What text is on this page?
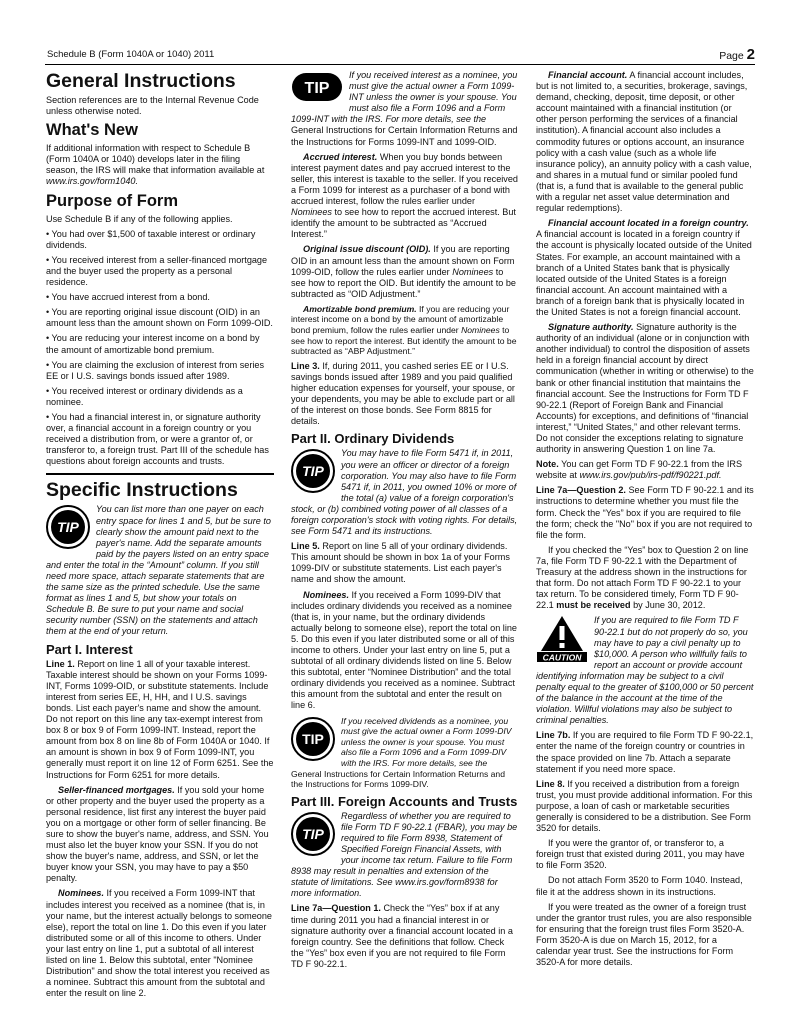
Schedule B (Form 1040A or 1040) 2011	Page 2
General Instructions

Section references are to the Internal Revenue Code unless otherwise noted.

What's New

If additional information with respect to Schedule B (Form 1040A or 1040) develops later in the filing season, the IRS will make that information available at www.irs.gov/form1040.

Purpose of Form

Use Schedule B if any of the following applies.

• You had over $1,500 of taxable interest or ordinary dividends.

• You received interest from a seller-financed mortgage and the buyer used the property as a personal residence.

• You have accrued interest from a bond.

• You are reporting original issue discount (OID) in an amount less than the amount shown on Form 1099-OID.

• You are reducing your interest income on a bond by the amount of amortizable bond premium.

• You are claiming the exclusion of interest from series EE or I U.S. savings bonds issued after 1989.

• You received interest or ordinary dividends as a nominee.

• You had a financial interest in, or signature authority over, a financial account in a foreign country or you received a distribution from, or were a grantor of, or transferor to, a foreign trust. Part III of the schedule has questions about foreign accounts and trusts.

Specific Instructions

TIP
You can list more than one payer on each entry space for lines 1 and 5, but be sure to clearly show the amount paid next to the payer's name. Add the separate amounts paid by the payers listed on an entry space and enter the total in the “Amount” column. If you still need more space, attach separate statements that are the same size as the printed schedule. Use the same format as lines 1 and 5, but show your totals on Schedule B. Be sure to put your name and social security number (SSN) on the statements and attach them at the end of your return.

Part I. Interest

Line 1. Report on line 1 all of your taxable interest. Taxable interest should be shown on your Forms 1099-INT, Forms 1099-OID, or substitute statements. Include interest from series EE, H, HH, and I U.S. savings bonds. List each payer's name and show the amount. Do not report on this line any tax-exempt interest from box 8 or box 9 of Form 1099-INT. Instead, report the amount from box 8 on line 8b of Form 1040A or 1040. If an amount is shown in box 9 of Form 1099-INT, you generally must report it on line 12 of Form 6251. See the Instructions for Form 6251 for more details.

Seller-financed mortgages. If you sold your home or other property and the buyer used the property as a personal residence, list first any interest the buyer paid you on a mortgage or other form of seller financing. Be sure to show the buyer's name, address, and SSN. You must also let the buyer know your SSN. If you do not show the buyer's name, address, and SSN, or let the buyer know your SSN, you may have to pay a $50 penalty.

Nominees. If you received a Form 1099-INT that includes interest you received as a nominee (that is, in your name, but the interest actually belongs to someone else), report the total on line 1. Do this even if you later distributed some or all of this income to others. Under your last entry on line 1, put a subtotal of all interest listed on line 1. Below this subtotal, enter "Nominee Distribution" and show the total interest you received as a nominee. Subtract this amount from the subtotal and enter the result on line 2.

TIP
If you received interest as a nominee, you must give the actual owner a Form 1099-INT unless the owner is your spouse. You must also file a Form 1096 and a Form 1099-INT with the IRS. For more details, see the General Instructions for Certain Information Returns and the Instructions for Forms 1099-INT and 1099-OID.

Accrued interest. When you buy bonds between interest payment dates and pay accrued interest to the seller, this interest is taxable to the seller. If you received a Form 1099 for interest as a purchaser of a bond with accrued interest, follow the rules earlier under Nominees to see how to report the accrued interest. But identify the amount to be subtracted as “Accrued Interest.”

Original issue discount (OID). If you are reporting OID in an amount less than the amount shown on Form 1099-OID, follow the rules earlier under Nominees to see how to report the OID. But identify the amount to be subtracted as “OID Adjustment.”

Amortizable bond premium. If you are reducing your interest income on a bond by the amount of amortizable bond premium, follow the rules earlier under Nominees to see how to report the interest. But identify the amount to be subtracted as “ABP Adjustment.”

Line 3. If, during 2011, you cashed series EE or I U.S. savings bonds issued after 1989 and you paid qualified higher education expenses for yourself, your spouse, or your dependents, you may be able to exclude part or all of the interest on those bonds. See Form 8815 for details.

Part II. Ordinary Dividends

TIP
You may have to file Form 5471 if, in 2011, you were an officer or director of a foreign corporation. You may also have to file Form 5471 if, in 2011, you owned 10% or more of the total (a) value of a foreign corporation's stock, or (b) combined voting power of all classes of a foreign corporation's stock with voting rights. For details, see Form 5471 and its instructions.

Line 5. Report on line 5 all of your ordinary dividends. This amount should be shown in box 1a of your Forms 1099-DIV or substitute statements. List each payer's name and show the amount.

Nominees. If you received a Form 1099-DIV that includes ordinary dividends you received as a nominee (that is, in your name, but the ordinary dividends actually belong to someone else), report the total on line 5. Do this even if you later distributed some or all of this income to others. Under your last entry on line 5, put a subtotal of all ordinary dividends listed on line 5. Below this subtotal, enter “Nominee Distribution” and the total ordinary dividends you received as a nominee. Subtract this amount from the subtotal and enter the result on line 6.

TIP
If you received dividends as a nominee, you must give the actual owner a Form 1099-DIV unless the owner is your spouse. You must also file a Form 1096 and a Form 1099-DIV with the IRS. For more details, see the General Instructions for Certain Information Returns and the Instructions for Forms 1099-DIV.

Part III. Foreign Accounts and Trusts

TIP
Regardless of whether you are required to file Form TD F 90-22.1 (FBAR), you may be required to file Form 8938, Statement of Specified Foreign Financial Assets, with your income tax return. Failure to file Form 8938 may result in penalties and extension of the statute of limitations. See www.irs.gov/form8938 for more information.

Line 7a—Question 1. Check the “Yes” box if at any time during 2011 you had a financial interest in or signature authority over a financial account located in a foreign country. See the definitions that follow. Check the “Yes” box even if you are not required to file Form TD F 90-22.1.

Financial account. A financial account includes, but is not limited to, a securities, brokerage, savings, demand, checking, deposit, time deposit, or other account maintained with a financial institution (or other person performing the services of a financial institution). A financial account also includes a commodity futures or options account, an insurance policy with a cash value (such as a whole life insurance policy), an annuity policy with a cash value, and shares in a mutual fund or similar pooled fund (that is, a fund that is available to the general public with a regular net asset value determination and regular redemptions).

Financial account located in a foreign country. A financial account is located in a foreign country if the account is physically located outside of the United States. For example, an account maintained with a branch of a United States bank that is physically located outside of the United States is a foreign financial account. An account maintained with a branch of a foreign bank that is physically located in the United States is not a foreign financial account.

Signature authority. Signature authority is the authority of an individual (alone or in conjunction with another individual) to control the disposition of assets held in a foreign financial account by direct communication (whether in writing or otherwise) to the bank or other financial institution that maintains the financial account. See the Instructions for Form TD F 90-22.1 (Report of Foreign Bank and Financial Accounts) for exceptions, and definitions of “financial interest,” “United States,” and other relevant terms. Do not consider the exceptions relating to signature authority in answering Question 1 on line 7a.

Note. You can get Form TD F 90-22.1 from the IRS website at www.irs.gov/pub/irs-pdf/f90221.pdf.

Line 7a—Question 2. See Form TD F 90-22.1 and its instructions to determine whether you must file the form. Check the “Yes” box if you are required to file the form; check the "No" box if you are not required to file the form.

If you checked the “Yes” box to Question 2 on line 7a, file Form TD F 90-22.1 with the Department of Treasury at the address shown in the instructions for that form. Do not attach Form TD F 90-22.1 to your tax return. To be considered timely, Form TD F 90-22.1 must be received by June 30, 2012.

CAUTION
If you are required to file Form TD F 90-22.1 but do not properly do so, you may have to pay a civil penalty up to $10,000. A person who willfully fails to report an account or provide account identifying information may be subject to a civil penalty equal to the greater of $100,000 or 50 percent of the balance in the account at the time of the violation. Willful violations may also be subject to criminal penalties.

Line 7b. If you are required to file Form TD F 90-22.1, enter the name of the foreign country or countries in the space provided on line 7b. Attach a separate statement if you need more space.

Line 8. If you received a distribution from a foreign trust, you must provide additional information. For this purpose, a loan of cash or marketable securities generally is considered to be a distribution. See Form 3520 for details.

If you were the grantor of, or transferor to, a foreign trust that existed during 2011, you may have to file Form 3520.

Do not attach Form 3520 to Form 1040. Instead, file it at the address shown in its instructions.

If you were treated as the owner of a foreign trust under the grantor trust rules, you are also responsible for ensuring that the foreign trust files Form 3520-A. Form 3520-A is due on March 15, 2012, for a calendar year trust. See the instructions for Form 3520-A for more details.
